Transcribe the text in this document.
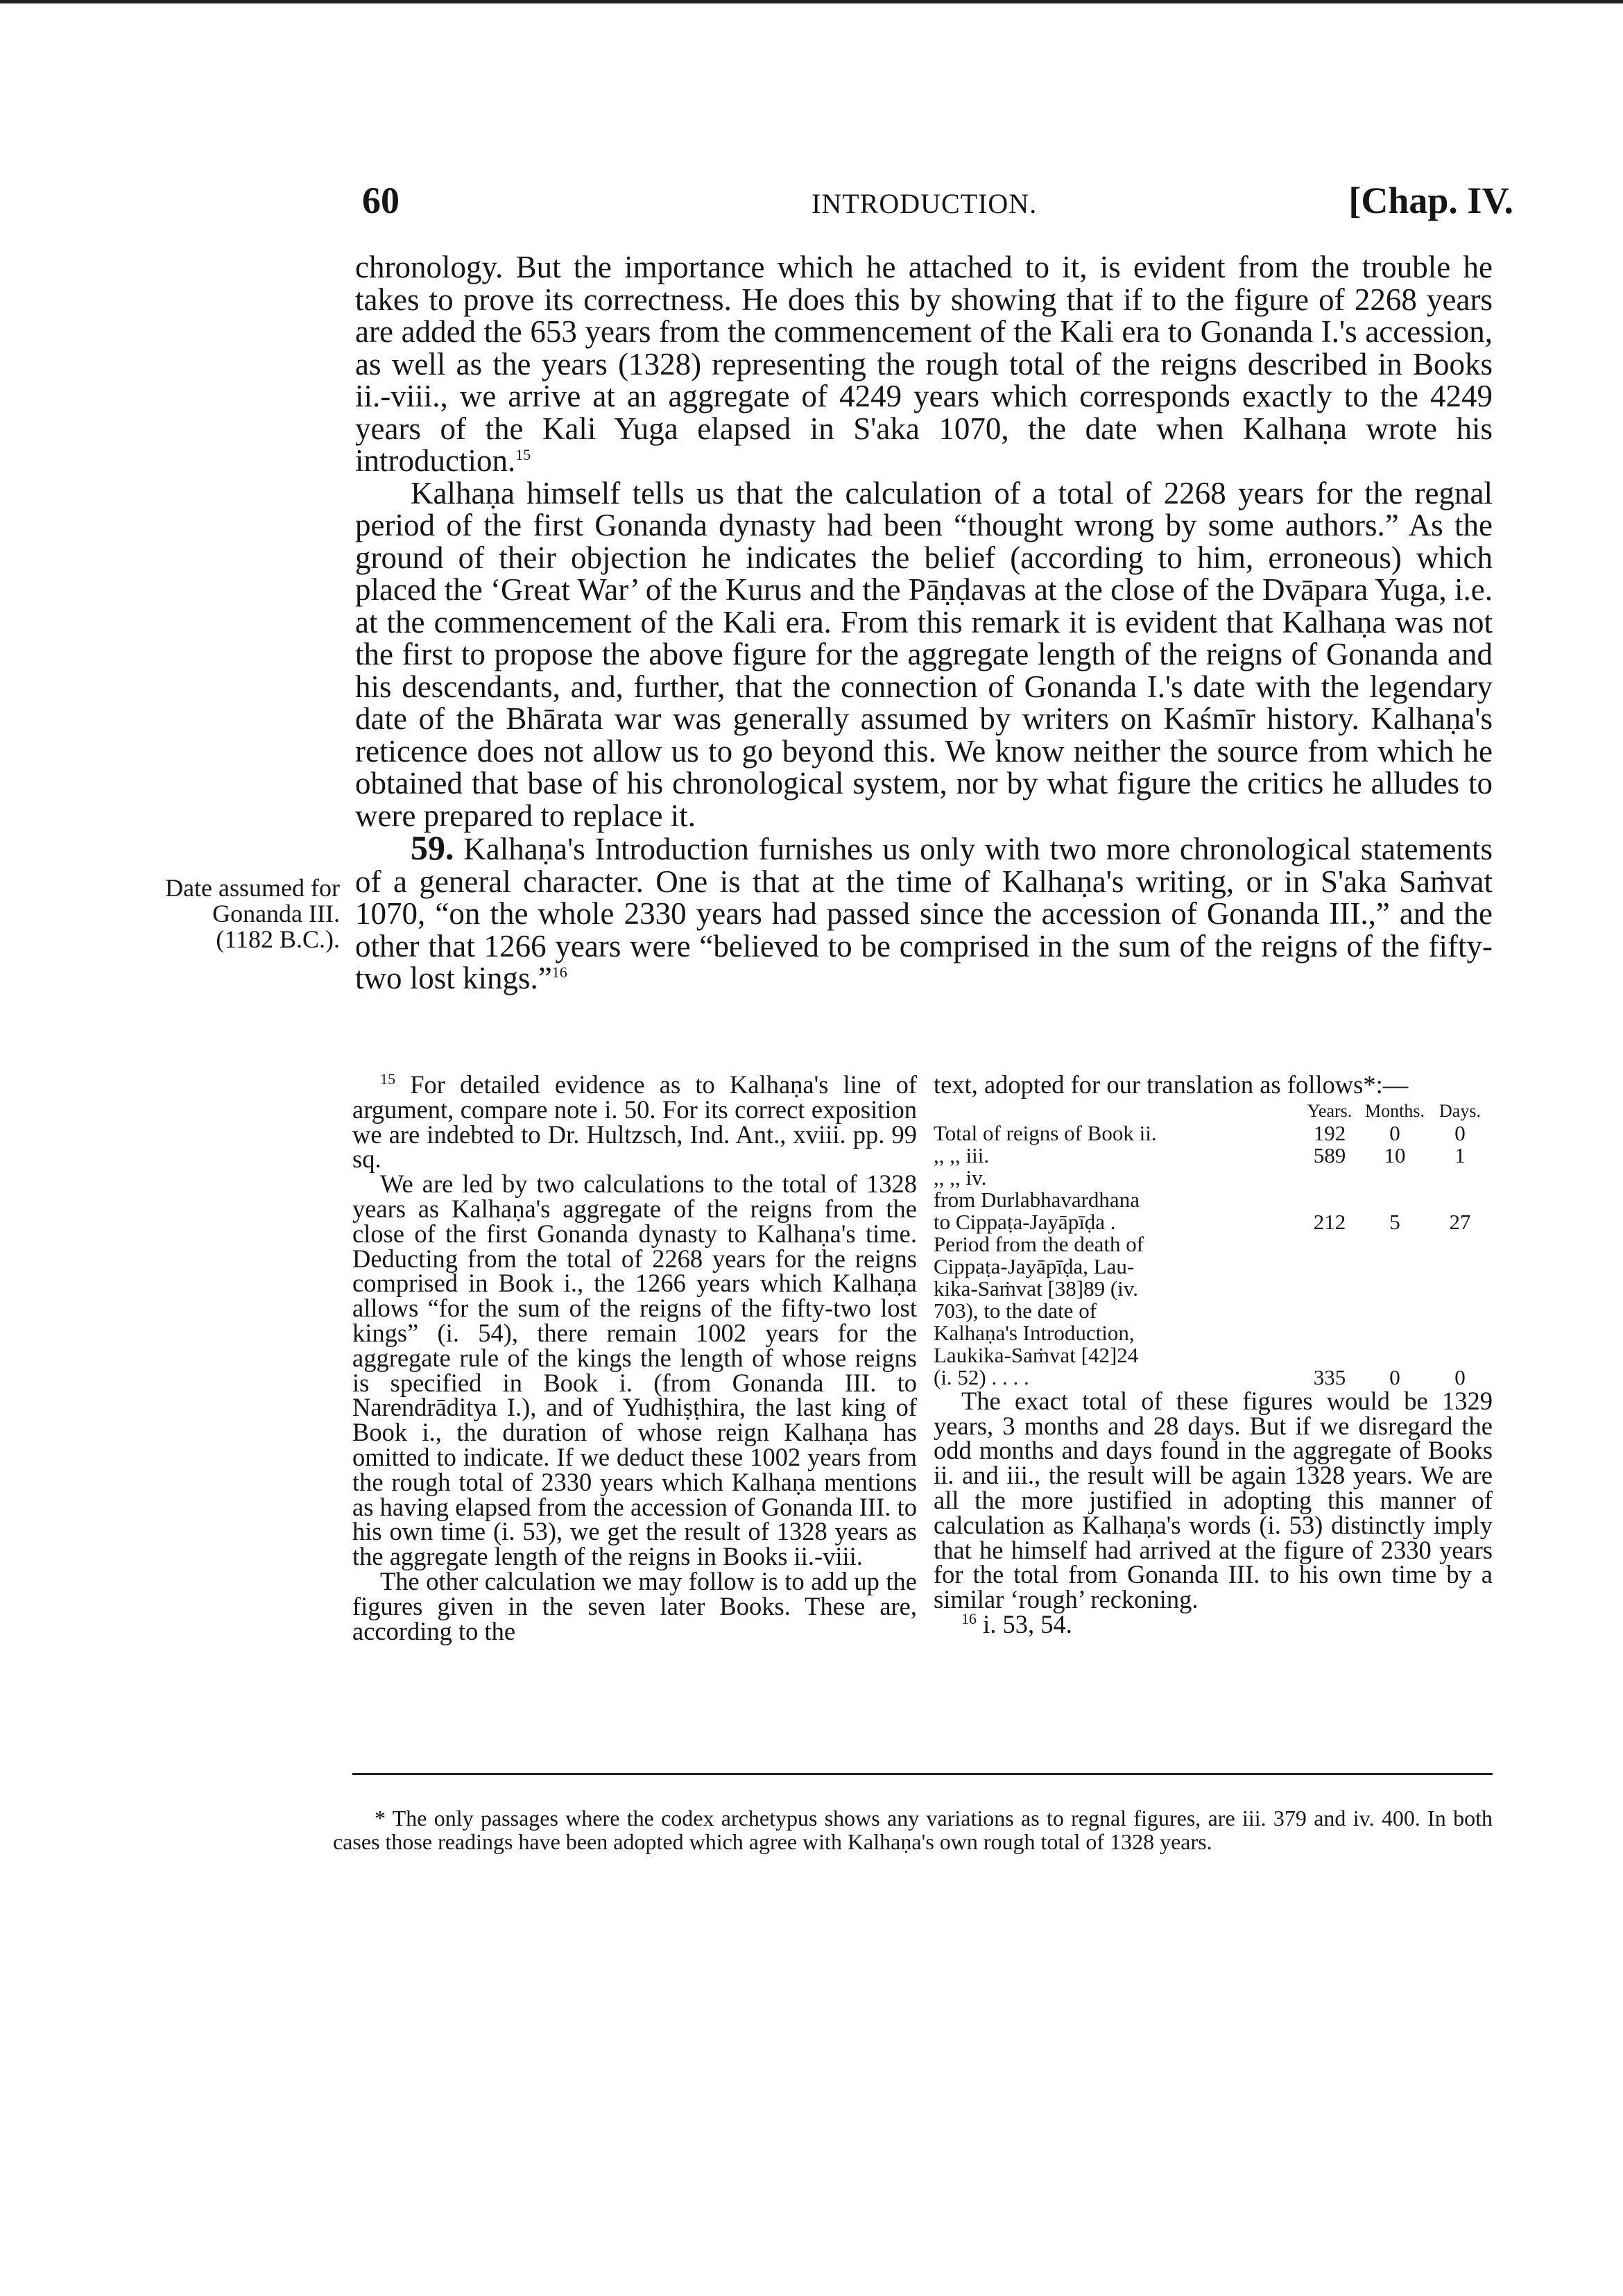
60	INTRODUCTION.	[Chap. IV.

chronology. But the importance which he attached to it, is evident from the trouble he takes to prove its correctness. He does this by showing that if to the figure of 2268 years are added the 653 years from the commencement of the Kali era to Gonanda I.'s accession, as well as the years (1328) representing the rough total of the reigns described in Books ii.-viii., we arrive at an aggregate of 4249 years which corresponds exactly to the 4249 years of the Kali Yuga elapsed in S'aka 1070, the date when Kalhaṇa wrote his introduction.$^{15}$

Kalhaṇa himself tells us that the calculation of a total of 2268 years for the regnal period of the first Gonanda dynasty had been “thought wrong by some authors.” As the ground of their objection he indicates the belief (according to him, erroneous) which placed the ‘Great War’ of the Kurus and the Pāṇḍavas at the close of the Dvāpara Yuga, i.e. at the commencement of the Kali era. From this remark it is evident that Kalhaṇa was not the first to propose the above figure for the aggregate length of the reigns of Gonanda and his descendants, and, further, that the connection of Gonanda I.'s date with the legendary date of the Bhārata war was generally assumed by writers on Kaśmīr history. Kalhaṇa's reticence does not allow us to go beyond this. We know neither the source from which he obtained that base of his chronological system, nor by what figure the critics he alludes to were prepared to replace it.

59. Kalhaṇa's Introduction furnishes us only with two more chronological statements of a general character. One is that at the time of Kalhaṇa's writing, or in S'aka Saṁvat 1070, “on the whole 2330 years had passed since the accession of Gonanda III.,” and the other that 1266 years were “believed to be comprised in the sum of the reigns of the fifty-two lost kings.”$^{16}$

Date assumed for
Gonanda III.
(1182 B.C.).

$^{15}$ For detailed evidence as to Kalhaṇa's line of argument, compare note i. 50. For its correct exposition we are indebted to Dr. Hultzsch, Ind. Ant., xviii. pp. 99 sq.

We are led by two calculations to the total of 1328 years as Kalhaṇa's aggregate of the reigns from the close of the first Gonanda dynasty to Kalhaṇa's time. Deducting from the total of 2268 years for the reigns comprised in Book i., the 1266 years which Kalhaṇa allows “for the sum of the reigns of the fifty-two lost kings” (i. 54), there remain 1002 years for the aggregate rule of the kings the length of whose reigns is specified in Book i. (from Gonanda III. to Narendrāditya I.), and of Yudhiṣṭhira, the last king of Book i., the duration of whose reign Kalhaṇa has omitted to indicate. If we deduct these 1002 years from the rough total of 2330 years which Kalhaṇa mentions as having elapsed from the accession of Gonanda III. to his own time (i. 53), we get the result of 1328 years as the aggregate length of the reigns in Books ii.-viii.

The other calculation we may follow is to add up the figures given in the seven later Books. These are, according to the

text, adopted for our translation as follows*:—

	Years.	Months.	Days.
Total of reigns of Book ii.	192	0	0
,, ,, iii.	589	10	1
,, ,, iv.			
from Durlabhavardhana			
to Cippaṭa-Jayāpīḍa .	212	5	27
Period from the death of			
Cippaṭa-Jayāpīḍa, Lau-			
kika-Saṁvat [38]89 (iv.			
703), to the date of			
Kalhaṇa's Introduction,			
Laukika-Saṁvat [42]24			
(i. 52) . . . .	335	0	0

The exact total of these figures would be 1329 years, 3 months and 28 days. But if we disregard the odd months and days found in the aggregate of Books ii. and iii., the result will be again 1328 years. We are all the more justified in adopting this manner of calculation as Kalhaṇa's words (i. 53) distinctly imply that he himself had arrived at the figure of 2330 years for the total from Gonanda III. to his own time by a similar ‘rough’ reckoning.

$^{16}$ i. 53, 54.

* The only passages where the codex archetypus shows any variations as to regnal figures, are iii. 379 and iv. 400. In both cases those readings have been adopted which agree with Kalhaṇa's own rough total of 1328 years.
